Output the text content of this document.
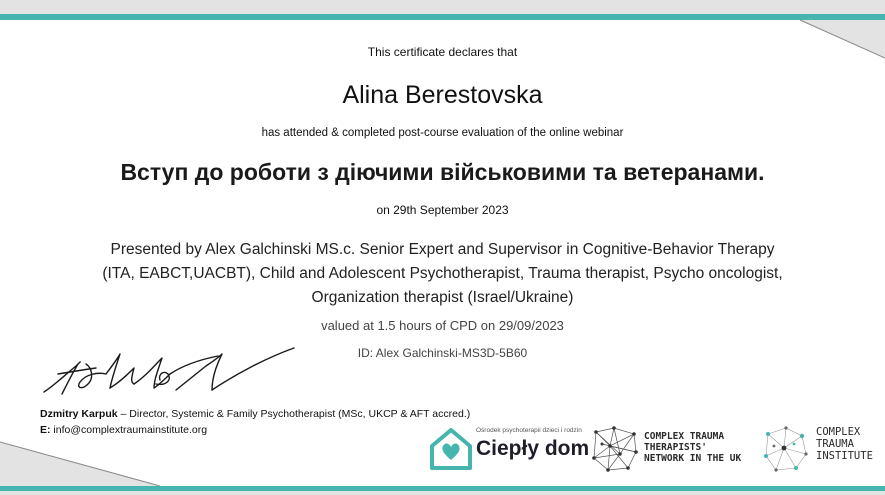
This certificate declares that
Alina Berestovska
has attended & completed post-course evaluation of the online webinar
Вступ до роботи з діючими військовими та ветеранами.
on 29th September 2023
Presented by Alex Galchinski MS.c. Senior Expert and Supervisor in Cognitive-Behavior Therapy
(ITA, EABCT,UACBT), Child and Adolescent Psychotherapist, Trauma therapist, Psycho oncologist,
Organization therapist (Israel/Ukraine)
valued at 1.5 hours of CPD on 29/09/2023
ID: Alex Galchinski-MS3D-5B60
Dzmitry Karpuk – Director, Systemic & Family Psychotherapist (MSc, UKCP & AFT accred.)
E: info@complextraumainstitute.org	Ośrodek psychoterapii dzieci i rodzin
Ciepły dom
COMPLEX TRAUMA
THERAPISTS'
NETWORK IN THE UK
COMPLEX
TRAUMA
INSTITUTE
